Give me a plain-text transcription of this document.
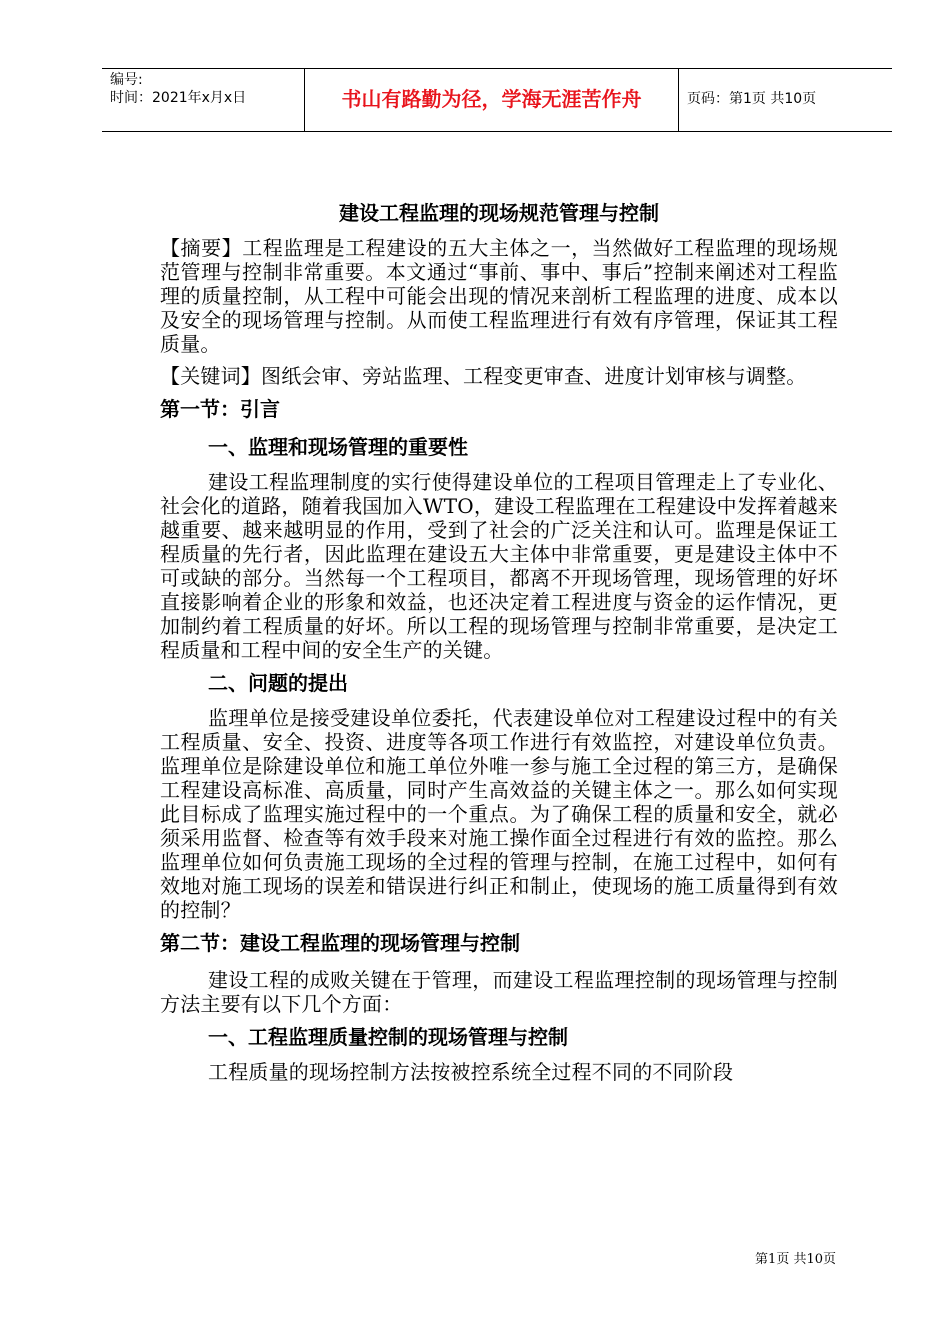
编号:
时间：2021年x月x日	书山有路勤为径，学海无涯苦作舟	页码：第1页 共10页
建设工程监理的现场规范管理与控制

【摘要】工程监理是工程建设的五大主体之一，当然做好工程监理的现场规范管理与控制非常重要。本文通过“事前、事中、事后”控制来阐述对工程监理的质量控制，从工程中可能会出现的情况来剖析工程监理的进度、成本以及安全的现场管理与控制。从而使工程监理进行有效有序管理，保证其工程质量。

【关键词】图纸会审、旁站监理、工程变更审查、进度计划审核与调整。

第一节：引言
一、监理和现场管理的重要性

建设工程监理制度的实行使得建设单位的工程项目管理走上了专业化、社会化的道路，随着我国加入WTO，建设工程监理在工程建设中发挥着越来越重要、越来越明显的作用，受到了社会的广泛关注和认可。监理是保证工程质量的先行者，因此监理在建设五大主体中非常重要，更是建设主体中不可或缺的部分。当然每一个工程项目，都离不开现场管理，现场管理的好坏直接影响着企业的形象和效益，也还决定着工程进度与资金的运作情况，更加制约着工程质量的好坏。所以工程的现场管理与控制非常重要，是决定工程质量和工程中间的安全生产的关键。

二、问题的提出

监理单位是接受建设单位委托，代表建设单位对工程建设过程中的有关工程质量、安全、投资、进度等各项工作进行有效监控，对建设单位负责。监理单位是除建设单位和施工单位外唯一参与施工全过程的第三方，是确保工程建设高标准、高质量，同时产生高效益的关键主体之一。那么如何实现此目标成了监理实施过程中的一个重点。为了确保工程的质量和安全，就必须采用监督、检查等有效手段来对施工操作面全过程进行有效的监控。那么监理单位如何负责施工现场的全过程的管理与控制，在施工过程中，如何有效地对施工现场的误差和错误进行纠正和制止，使现场的施工质量得到有效的控制？

第二节：建设工程监理的现场管理与控制

建设工程的成败关键在于管理，而建设工程监理控制的现场管理与控制方法主要有以下几个方面：

一、工程监理质量控制的现场管理与控制

工程质量的现场控制方法按被控系统全过程不同的不同阶段

第1页 共10页
